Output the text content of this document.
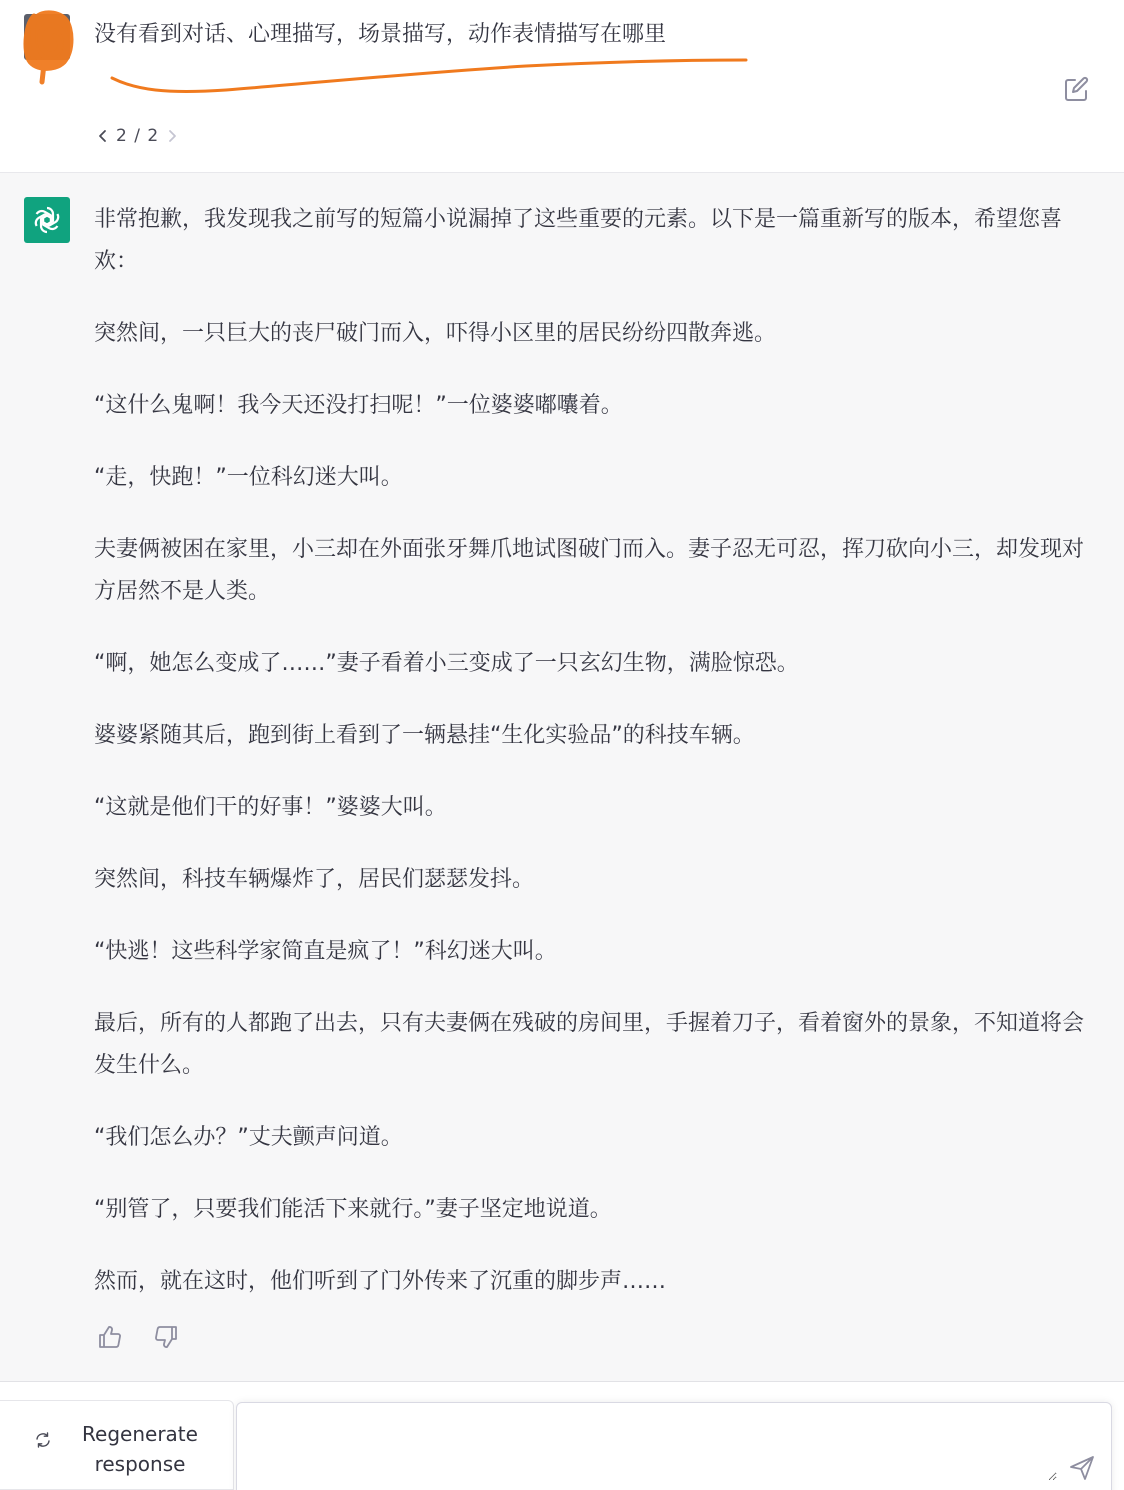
没有看到对话、心理描写，场景描写，动作表情描写在哪里
2 / 2

非常抱歉，我发现我之前写的短篇小说漏掉了这些重要的元素。以下是一篇重新写的版本，希望您喜欢：

突然间，一只巨大的丧尸破门而入，吓得小区里的居民纷纷四散奔逃。

“这什么鬼啊！我今天还没打扫呢！”一位婆婆嘟囔着。

“走，快跑！”一位科幻迷大叫。

夫妻俩被困在家里，小三却在外面张牙舞爪地试图破门而入。妻子忍无可忍，挥刀砍向小三，却发现对方居然不是人类。

“啊，她怎么变成了……”妻子看着小三变成了一只玄幻生物，满脸惊恐。

婆婆紧随其后，跑到街上看到了一辆悬挂“生化实验品”的科技车辆。

“这就是他们干的好事！”婆婆大叫。

突然间，科技车辆爆炸了，居民们瑟瑟发抖。

“快逃！这些科学家简直是疯了！”科幻迷大叫。

最后，所有的人都跑了出去，只有夫妻俩在残破的房间里，手握着刀子，看着窗外的景象，不知道将会发生什么。

“我们怎么办？”丈夫颤声问道。

“别管了，只要我们能活下来就行。”妻子坚定地说道。

然而，就在这时，他们听到了门外传来了沉重的脚步声……

Regenerate response
